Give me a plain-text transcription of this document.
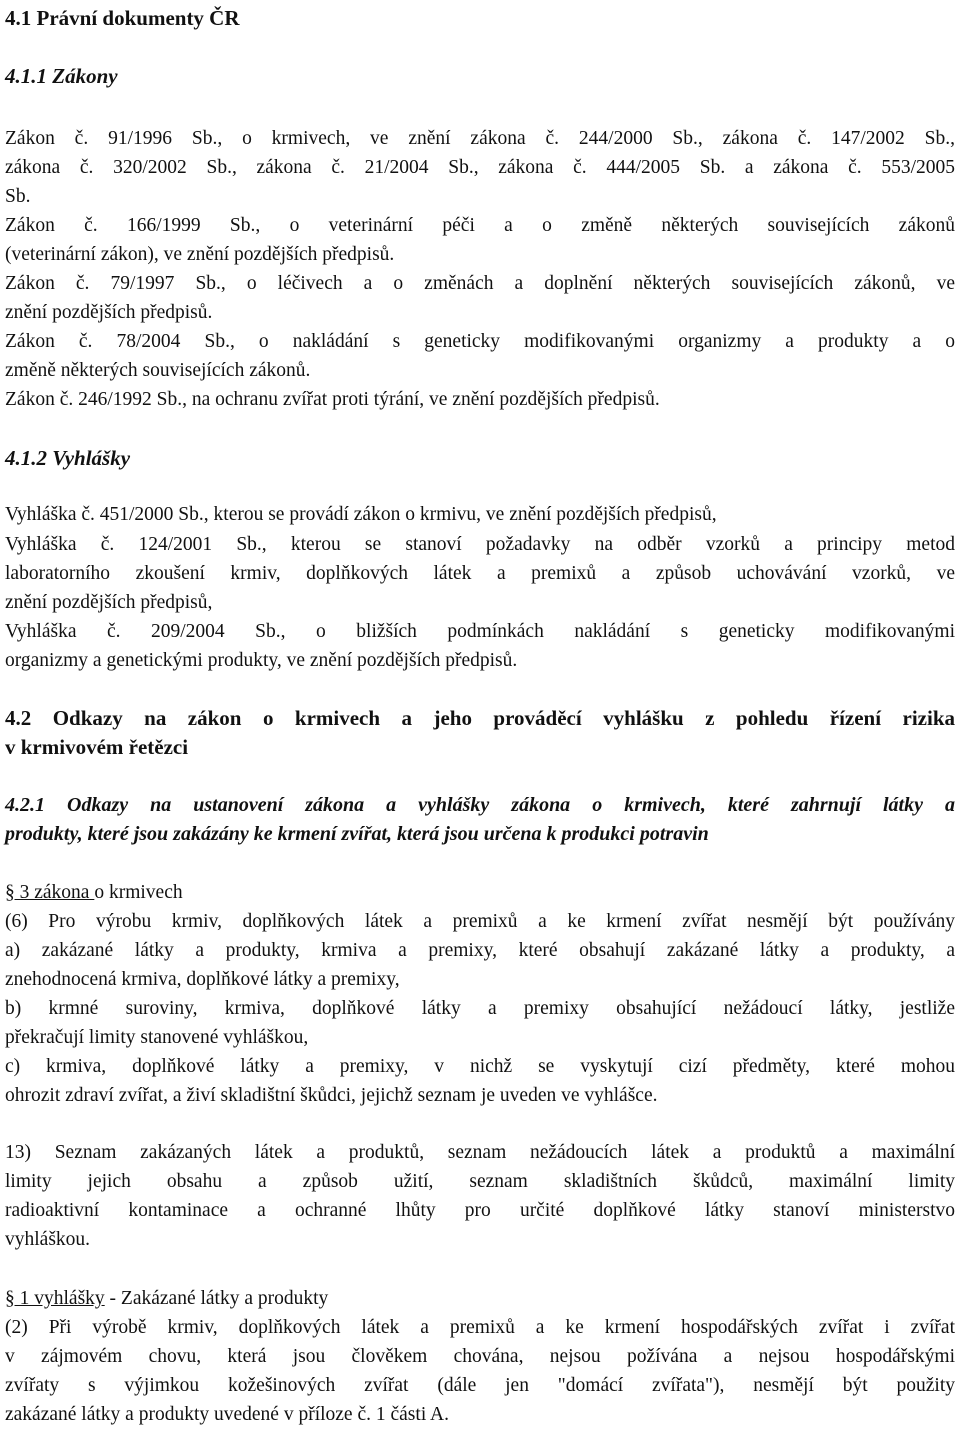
4.1 Právní dokumenty ČR
4.1.1 Zákony
Zákon č. 91/1996 Sb., o krmivech, ve znění zákona č. 244/2000 Sb., zákona č. 147/2002 Sb.,
zákona č. 320/2002 Sb., zákona č. 21/2004 Sb., zákona č. 444/2005 Sb. a zákona č. 553/2005
Sb.
Zákon č. 166/1999 Sb., o veterinární péči a o změně některých souvisejících zákonů
(veterinární zákon), ve znění pozdějších předpisů.
Zákon č. 79/1997 Sb., o léčivech a o změnách a doplnění některých souvisejících zákonů, ve
znění pozdějších předpisů.
Zákon č. 78/2004 Sb., o nakládání s geneticky modifikovanými organizmy a produkty a o
změně některých souvisejících zákonů.
Zákon č. 246/1992 Sb., na ochranu zvířat proti týrání, ve znění pozdějších předpisů.
4.1.2 Vyhlášky
Vyhláška č. 451/2000 Sb., kterou se provádí zákon o krmivu, ve znění pozdějších předpisů,
Vyhláška č. 124/2001 Sb., kterou se stanoví požadavky na odběr vzorků a principy metod
laboratorního zkoušení krmiv, doplňkových látek a premixů a způsob uchovávání vzorků, ve
znění pozdějších předpisů,
Vyhláška č. 209/2004 Sb., o bližších podmínkách nakládání s geneticky modifikovanými
organizmy a genetickými produkty, ve znění pozdějších předpisů.
4.2 Odkazy na zákon o krmivech a jeho prováděcí vyhlášku z pohledu řízení rizika
v krmivovém řetězci
4.2.1 Odkazy na ustanovení zákona a vyhlášky zákona o krmivech, které zahrnují látky a
produkty, které jsou zakázány ke krmení zvířat, která jsou určena k produkci potravin
§ 3 zákona o krmivech
(6) Pro výrobu krmiv, doplňkových látek a premixů a ke krmení zvířat nesmějí být používány
a) zakázané látky a produkty, krmiva a premixy, které obsahují zakázané látky a produkty, a
znehodnocená krmiva, doplňkové látky a premixy,
b) krmné suroviny, krmiva, doplňkové látky a premixy obsahující nežádoucí látky, jestliže
překračují limity stanovené vyhláškou,
c) krmiva, doplňkové látky a premixy, v nichž se vyskytují cizí předměty, které mohou
ohrozit zdraví zvířat, a živí skladištní škůdci, jejichž seznam je uveden ve vyhlášce.
13) Seznam zakázaných látek a produktů, seznam nežádoucích látek a produktů a maximální
limity jejich obsahu a způsob užití, seznam skladištních škůdců, maximální limity
radioaktivní kontaminace a ochranné lhůty pro určité doplňkové látky stanoví ministerstvo
vyhláškou.
§ 1 vyhlášky - Zakázané látky a produkty
(2) Při výrobě krmiv, doplňkových látek a premixů a ke krmení hospodářských zvířat i zvířat
v zájmovém chovu, která jsou člověkem chována, nejsou požívána a nejsou hospodářskými
zvířaty s výjimkou kožešinových zvířat (dále jen "domácí zvířata"), nesmějí být použity
zakázané látky a produkty uvedené v příloze č. 1 části A.
